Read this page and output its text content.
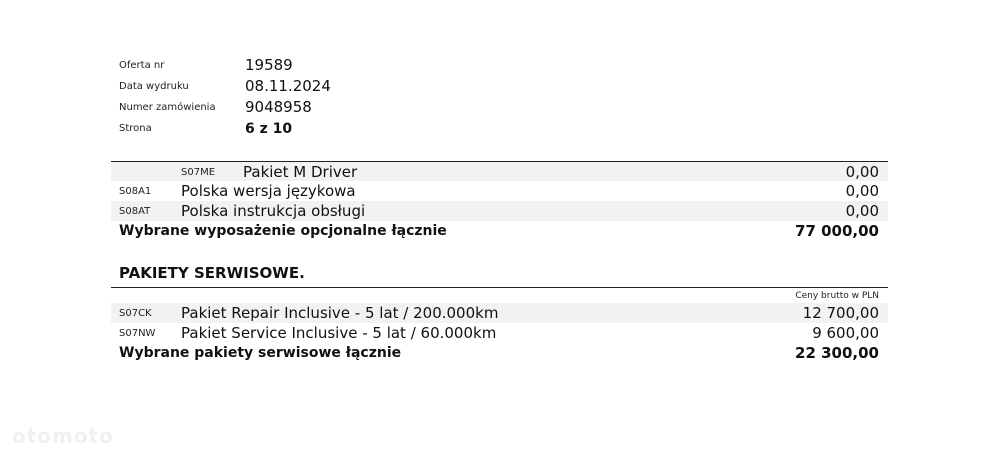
Oferta nr	19589
Data wydruku	08.11.2024
Numer zamówienia 9048958
Strona	6 z 10
S07ME Pakiet M Driver	0,00
S08A1 Polska wersja językowa	0,00
S08AT Polska instrukcja obsługi	0,00
Wybrane wyposażenie opcjonalne łącznie	77 000,00
PAKIETY SERWISOWE.
Ceny brutto w PLN
S07CK Pakiet Repair Inclusive - 5 lat / 200.000km	12 700,00
S07NW Pakiet Service Inclusive - 5 lat / 60.000km	9 600,00
Wybrane pakiety serwisowe łącznie	22 300,00
otomoto
